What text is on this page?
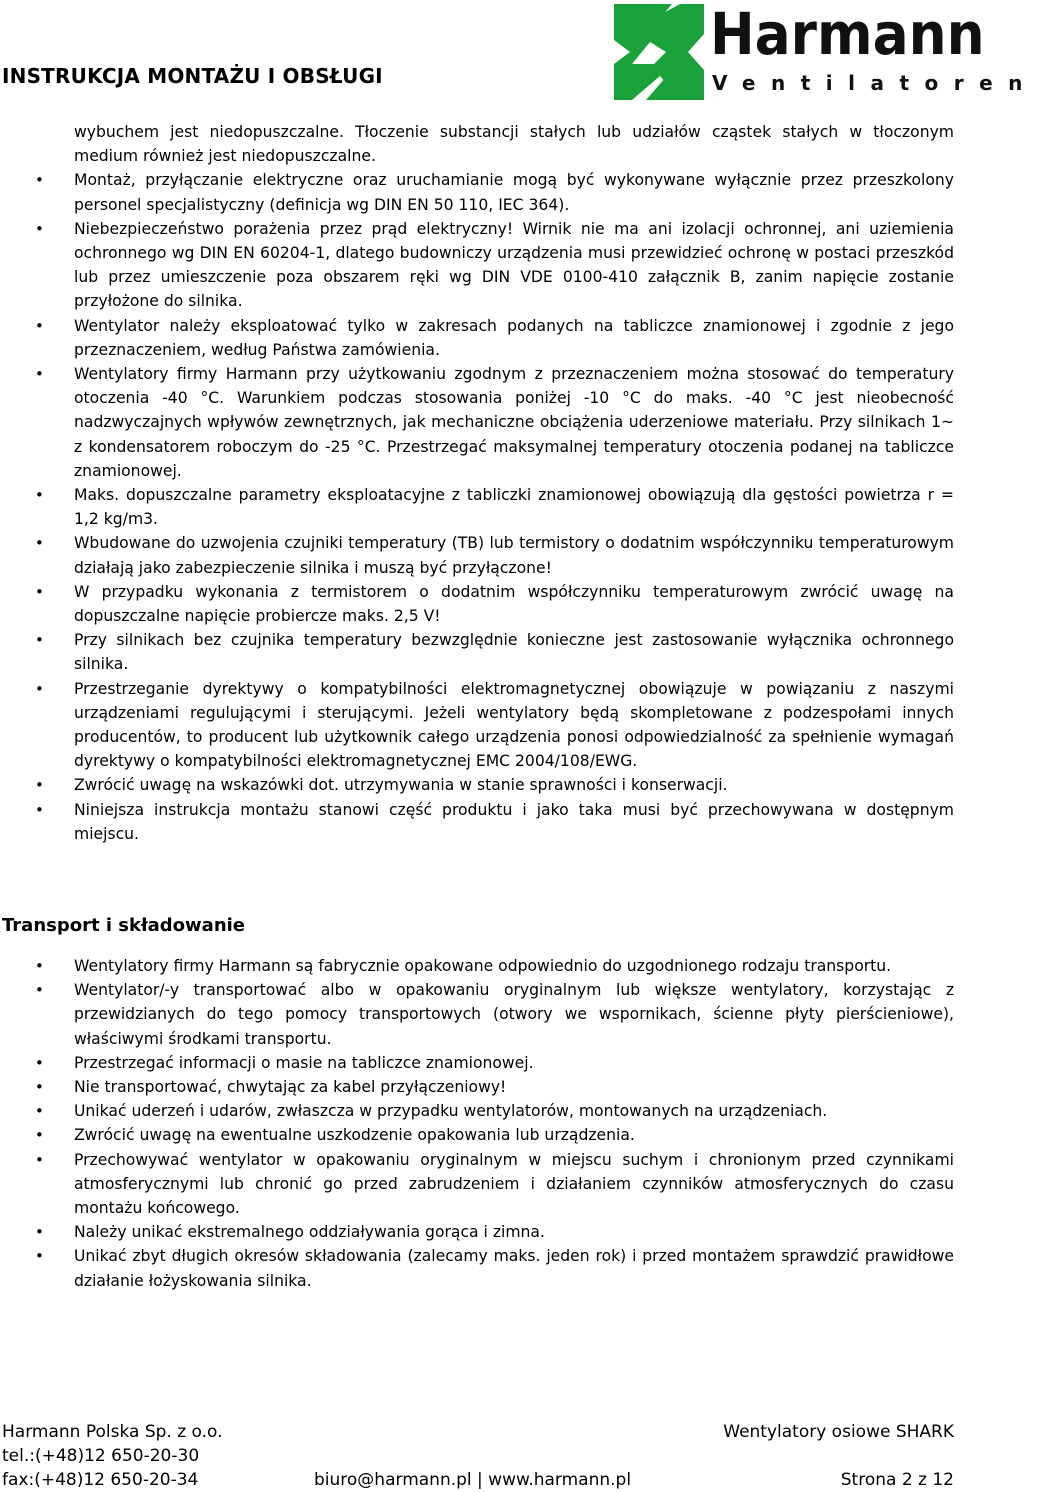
INSTRUKCJA MONTAŻU I OBSŁUGI
Harmann
Ventilatoren
wybuchem jest niedopuszczalne. Tłoczenie substancji stałych lub udziałów cząstek stałych w tłoczonym medium również jest niedopuszczalne.
• Montaż, przyłączanie elektryczne oraz uruchamianie mogą być wykonywane wyłącznie przez przeszkolony personel specjalistyczny (definicja wg DIN EN 50 110, IEC 364).
• Niebezpieczeństwo porażenia przez prąd elektryczny! Wirnik nie ma ani izolacji ochronnej, ani uziemienia ochronnego wg DIN EN 60204-1, dlatego budowniczy urządzenia musi przewidzieć ochronę w postaci przeszkód lub przez umieszczenie poza obszarem ręki wg DIN VDE 0100-410 załącznik B, zanim napięcie zostanie przyłożone do silnika.
• Wentylator należy eksploatować tylko w zakresach podanych na tabliczce znamionowej i zgodnie z jego przeznaczeniem, według Państwa zamówienia.
• Wentylatory firmy Harmann przy użytkowaniu zgodnym z przeznaczeniem można stosować do temperatury otoczenia -40 °C. Warunkiem podczas stosowania poniżej -10 °C do maks. -40 °C jest nieobecność nadzwyczajnych wpływów zewnętrznych, jak mechaniczne obciążenia uderzeniowe materiału. Przy silnikach 1~ z kondensatorem roboczym do -25 °C. Przestrzegać maksymalnej temperatury otoczenia podanej na tabliczce znamionowej.
• Maks. dopuszczalne parametry eksploatacyjne z tabliczki znamionowej obowiązują dla gęstości powietrza r = 1,2 kg/m3.
• Wbudowane do uzwojenia czujniki temperatury (TB) lub termistory o dodatnim współczynniku temperaturowym działają jako zabezpieczenie silnika i muszą być przyłączone!
• W przypadku wykonania z termistorem o dodatnim współczynniku temperaturowym zwrócić uwagę na dopuszczalne napięcie probiercze maks. 2,5 V!
• Przy silnikach bez czujnika temperatury bezwzględnie konieczne jest zastosowanie wyłącznika ochronnego silnika.
• Przestrzeganie dyrektywy o kompatybilności elektromagnetycznej obowiązuje w powiązaniu z naszymi urządzeniami regulującymi i sterującymi. Jeżeli wentylatory będą skompletowane z podzespołami innych producentów, to producent lub użytkownik całego urządzenia ponosi odpowiedzialność za spełnienie wymagań dyrektywy o kompatybilności elektromagnetycznej EMC 2004/108/EWG.
• Zwrócić uwagę na wskazówki dot. utrzymywania w stanie sprawności i konserwacji.
• Niniejsza instrukcja montażu stanowi część produktu i jako taka musi być przechowywana w dostępnym miejscu.
Transport i składowanie
• Wentylatory firmy Harmann są fabrycznie opakowane odpowiednio do uzgodnionego rodzaju transportu.
• Wentylator/-y transportować albo w opakowaniu oryginalnym lub większe wentylatory, korzystając z przewidzianych do tego pomocy transportowych (otwory we wspornikach, ścienne płyty pierścieniowe), właściwymi środkami transportu.
• Przestrzegać informacji o masie na tabliczce znamionowej.
• Nie transportować, chwytając za kabel przyłączeniowy!
• Unikać uderzeń i udarów, zwłaszcza w przypadku wentylatorów, montowanych na urządzeniach.
• Zwrócić uwagę na ewentualne uszkodzenie opakowania lub urządzenia.
• Przechowywać wentylator w opakowaniu oryginalnym w miejscu suchym i chronionym przed czynnikami atmosferycznymi lub chronić go przed zabrudzeniem i działaniem czynników atmosferycznych do czasu montażu końcowego.
• Należy unikać ekstremalnego oddziaływania gorąca i zimna.
• Unikać zbyt długich okresów składowania (zalecamy maks. jeden rok) i przed montażem sprawdzić prawidłowe działanie łożyskowania silnika.
Harmann Polska Sp. z o.o.
tel.:(+48)12 650-20-30
fax:(+48)12 650-20-34	biuro@harmann.pl | www.harmann.pl
Wentylatory osiowe SHARK
Strona 2 z 12
